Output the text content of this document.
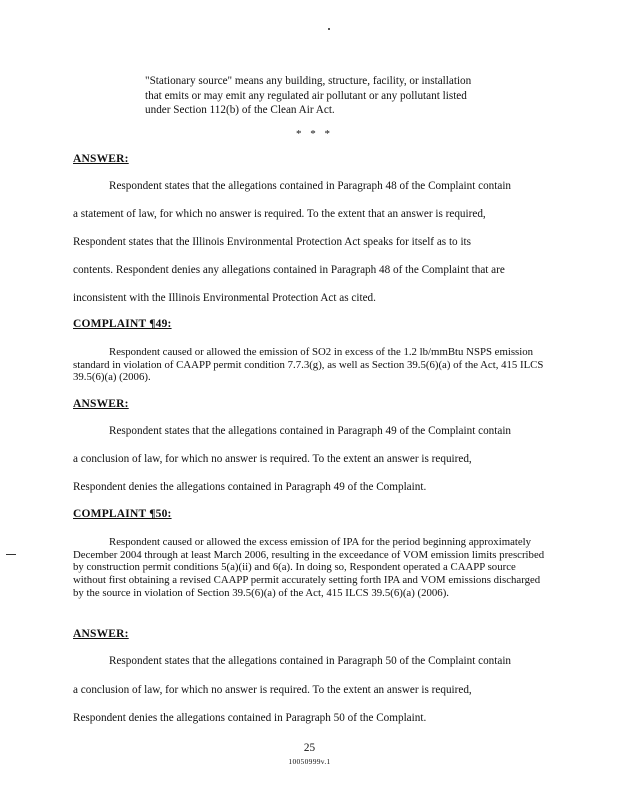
"Stationary source" means any building, structure, facility, or installation that emits or may emit any regulated air pollutant or any pollutant listed under Section 112(b) of the Clean Air Act.
* * *
ANSWER:
Respondent states that the allegations contained in Paragraph 48 of the Complaint contain
a statement of law, for which no answer is required. To the extent that an answer is required,
Respondent states that the Illinois Environmental Protection Act speaks for itself as to its
contents. Respondent denies any allegations contained in Paragraph 48 of the Complaint that are
inconsistent with the Illinois Environmental Protection Act as cited.
COMPLAINT ¶49:
Respondent caused or allowed the emission of SO2 in excess of the 1.2 lb/mmBtu NSPS emission standard in violation of CAAPP permit condition 7.7.3(g), as well as Section 39.5(6)(a) of the Act, 415 ILCS 39.5(6)(a) (2006).
ANSWER:
Respondent states that the allegations contained in Paragraph 49 of the Complaint contain
a conclusion of law, for which no answer is required. To the extent an answer is required,
Respondent denies the allegations contained in Paragraph 49 of the Complaint.
COMPLAINT ¶50:
Respondent caused or allowed the excess emission of IPA for the period beginning approximately December 2004 through at least March 2006, resulting in the exceedance of VOM emission limits prescribed by construction permit conditions 5(a)(ii) and 6(a). In doing so, Respondent operated a CAAPP source without first obtaining a revised CAAPP permit accurately setting forth IPA and VOM emissions discharged by the source in violation of Section 39.5(6)(a) of the Act, 415 ILCS 39.5(6)(a) (2006).
ANSWER:
Respondent states that the allegations contained in Paragraph 50 of the Complaint contain
a conclusion of law, for which no answer is required. To the extent an answer is required,
Respondent denies the allegations contained in Paragraph 50 of the Complaint.
25
10050999v.1
